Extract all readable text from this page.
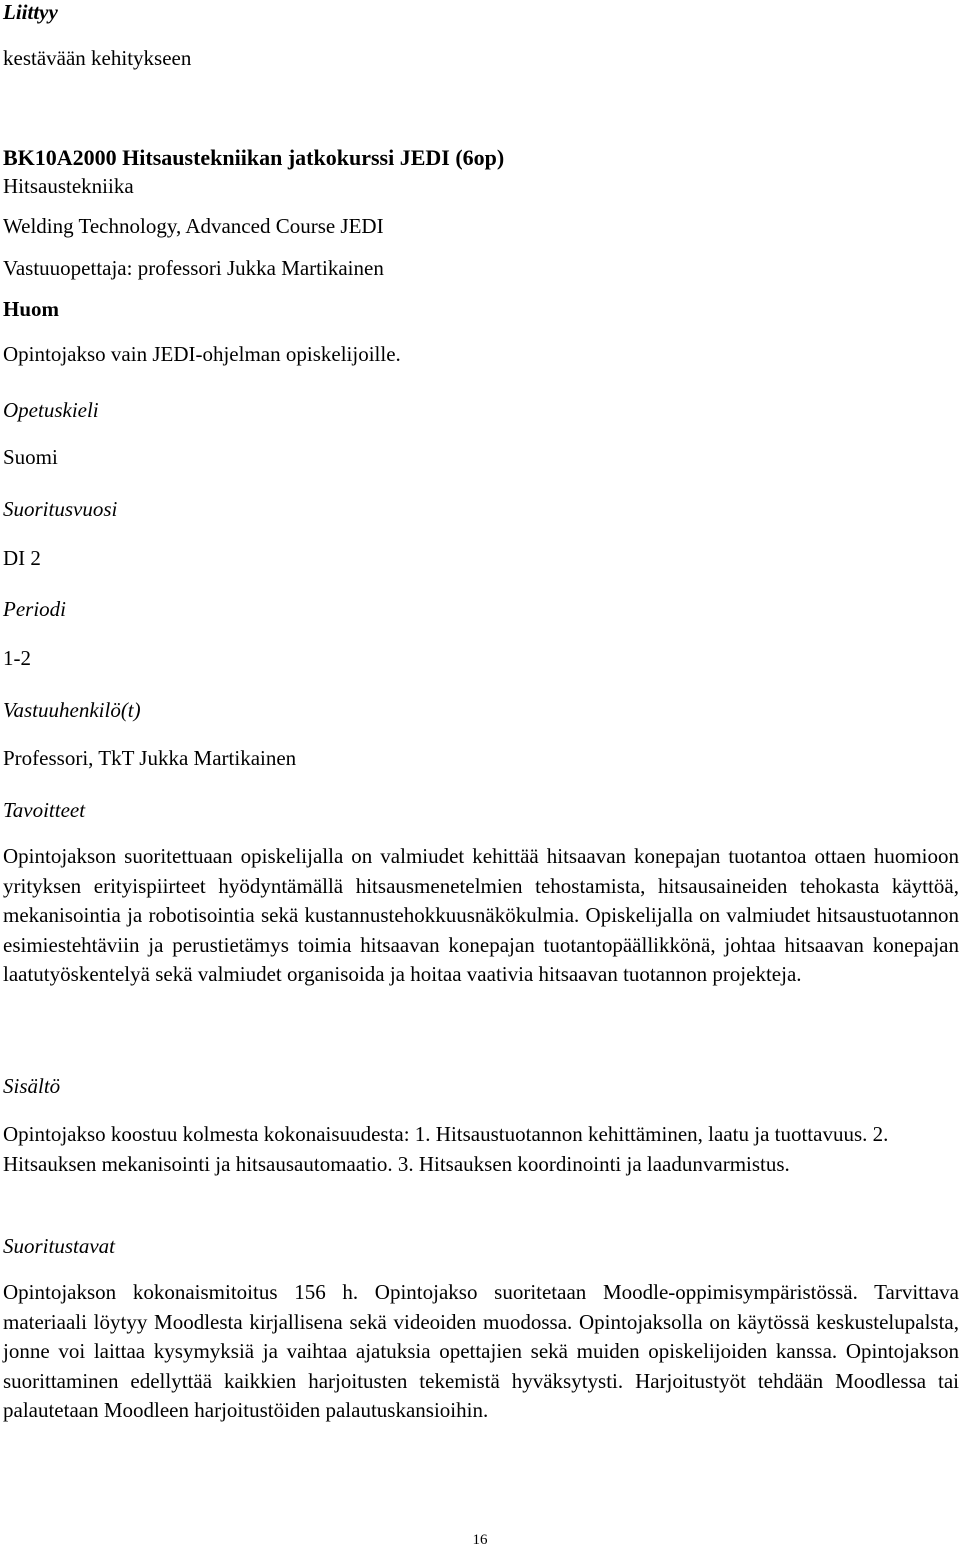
Liittyy
kestävään kehitykseen
BK10A2000 Hitsaustekniikan jatkokurssi JEDI (6op)
Hitsaustekniika
Welding Technology, Advanced Course JEDI
Vastuuopettaja: professori Jukka Martikainen
Huom
Opintojakso vain JEDI-ohjelman opiskelijoille.
Opetuskieli
Suomi
Suoritusvuosi
DI 2
Periodi
1-2
Vastuuhenkilö(t)
Professori, TkT Jukka Martikainen
Tavoitteet

Opintojakson suoritettuaan opiskelijalla on valmiudet kehittää hitsaavan konepajan tuotantoa ottaen huomioon yrityksen erityispiirteet hyödyntämällä hitsausmenetelmien tehostamista, hitsausaineiden tehokasta käyttöä, mekanisointia ja robotisointia sekä kustannustehokkuusnäkökulmia. Opiskelijalla on valmiudet hitsaustuotannon esimiestehtäviin ja perustietämys toimia hitsaavan konepajan tuotantopäällikkönä, johtaa hitsaavan konepajan laatutyöskentelyä sekä valmiudet organisoida ja hoitaa vaativia hitsaavan tuotannon projekteja.

Sisältö

Opintojakso koostuu kolmesta kokonaisuudesta: 1. Hitsaustuotannon kehittäminen, laatu ja tuottavuus. 2. Hitsauksen mekanisointi ja hitsausautomaatio. 3. Hitsauksen koordinointi ja laadunvarmistus.

Suoritustavat

Opintojakson kokonaismitoitus 156 h. Opintojakso suoritetaan Moodle-oppimisympäristössä. Tarvittava materiaali löytyy Moodlesta kirjallisena sekä videoiden muodossa. Opintojaksolla on käytössä keskustelupalsta, jonne voi laittaa kysymyksiä ja vaihtaa ajatuksia opettajien sekä muiden opiskelijoiden kanssa. Opintojakson suorittaminen edellyttää kaikkien harjoitusten tekemistä hyväksytysti. Harjoitustyöt tehdään Moodlessa tai palautetaan Moodleen harjoitustöiden palautuskansioihin.

16
